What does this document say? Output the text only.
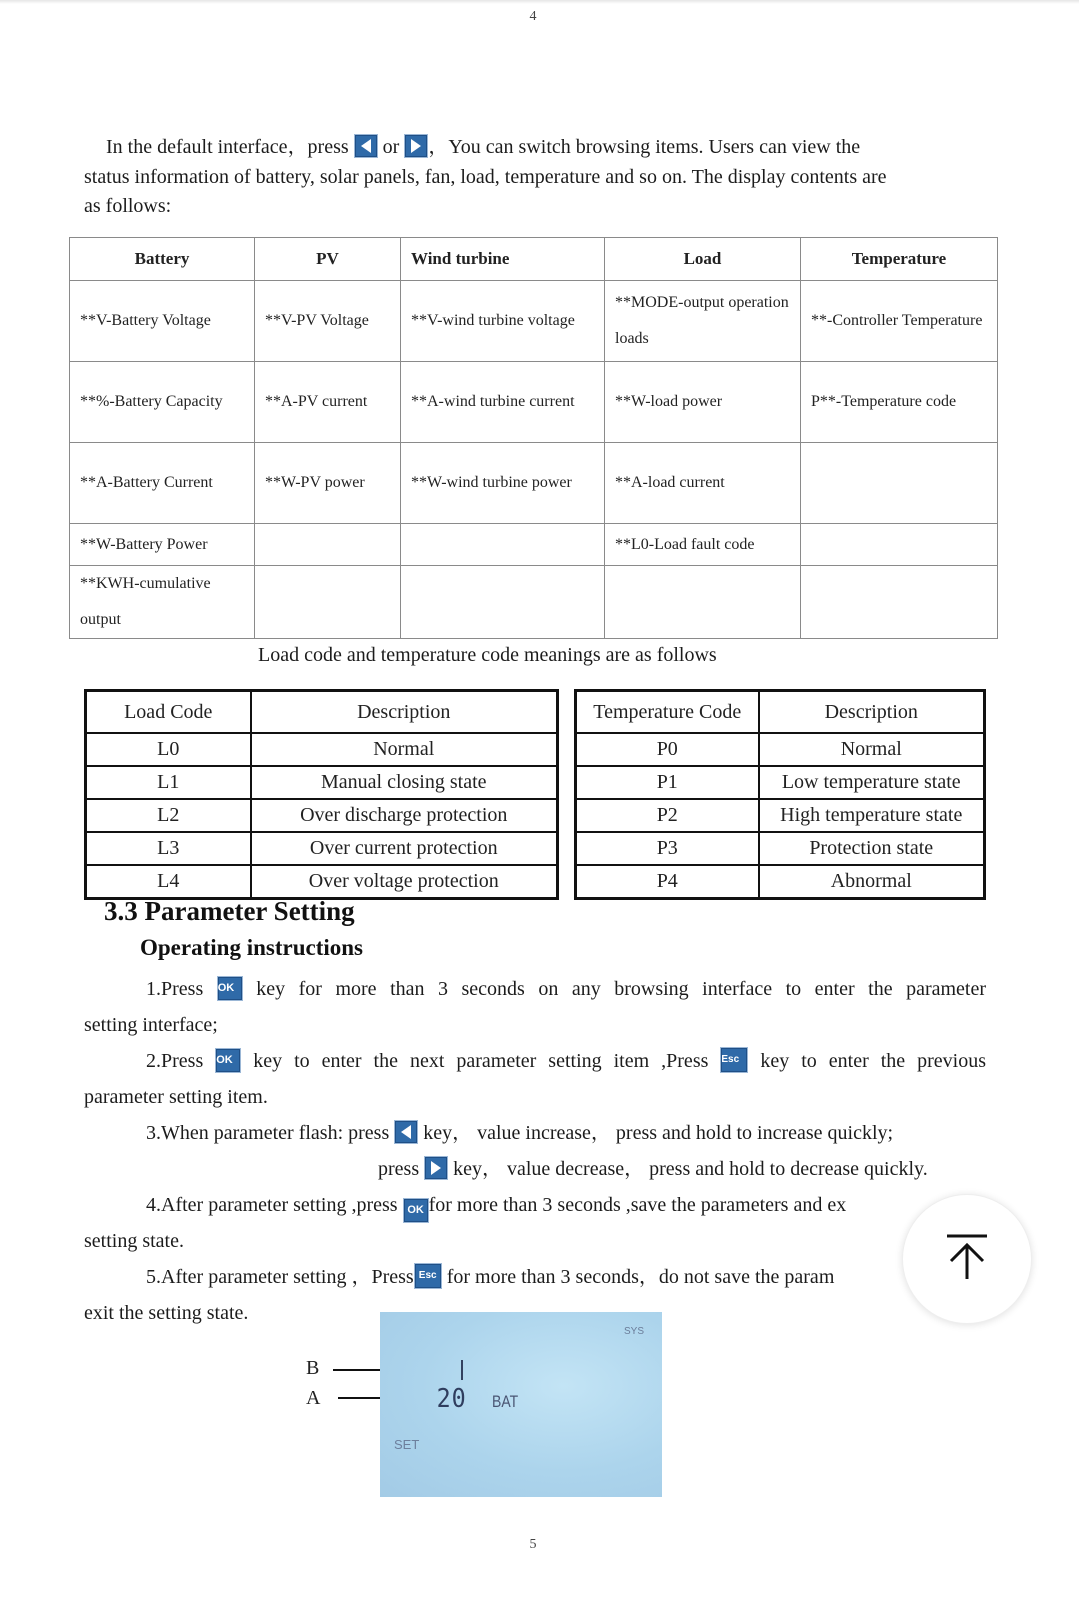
4
In the default interface，press or ，You can switch browsing items. Users can view the
status information of battery, solar panels, fan, load, temperature and so on. The display contents are
as follows:
Battery	PV	Wind turbine	Load	Temperature
**V-Battery Voltage	**V-PV Voltage	**V-wind turbine voltage	**MODE-output operation loads	**-Controller Temperature
**%-Battery Capacity	**A-PV current	**A-wind turbine current	**W-load power	P**-Temperature code
**A-Battery Current	**W-PV power	**W-wind turbine power	**A-load current	
**W-Battery Power			**L0-Load fault code	
**KWH-cumulative output				
Load code and temperature code meanings are as follows
Load Code	Description
L0	Normal
L1	Manual closing state
L2	Over discharge protection
L3	Over current protection
L4	Over voltage protection
Temperature Code	Description
P0	Normal
P1	Low temperature state
P2	High temperature state
P3	Protection state
P4	Abnormal
3.3 Parameter Setting
Operating instructions
1.Press OK key for more than 3 seconds on any browsing interface to enter the parameter
setting interface;
2.Press OK key to enter the next parameter setting item ,Press Esc key to enter the previous
parameter setting item.
3.When parameter flash: press key， value increase， press and hold to increase quickly;
press key， value decrease， press and hold to decrease quickly.
4.After parameter setting ,press OK for more than 3 seconds ,save the parameters and ex
setting state.
5.After parameter setting ，Press Esc for more than 3 seconds，do not save the param
exit the setting state.
B
A
SYS
20 BAT
SET
5
